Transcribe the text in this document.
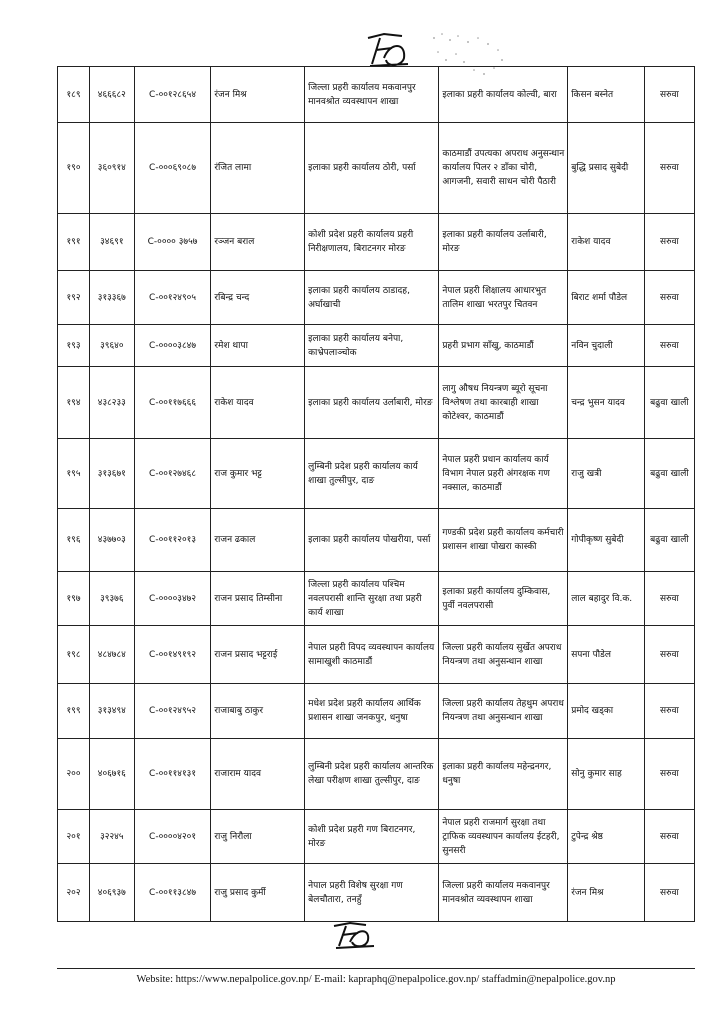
१८९	४६६६८२	C-००१२८६५४	रंजन मिश्र	जिल्ला प्रहरी कार्यालय मकवानपुर मानवश्रोत व्यवस्थापन शाखा	इलाका प्रहरी कार्यालय कोल्वी, बारा	किसन बस्नेत	सरुवा
१९०	३६०९१४	C-०००६९०८७	रंजित लामा	इलाका प्रहरी कार्यालय ठोरी, पर्सा	काठमाडौं उपत्यका अपराध अनुसन्धान कार्यालय पिलर २ डाँका चोरी, आगजनी, सवारी साधन चोरी पैठारी	बुद्धि प्रसाद सुबेदी	सरुवा
१९१	३४६९१	C-०००० ३७५७	रञ्जन बराल	कोशी प्रदेश प्रहरी कार्यालय प्रहरी निरीक्षणालय, बिराटनगर मोरङ	इलाका प्रहरी कार्यालय उर्लाबारी, मोरङ	राकेश यादव	सरुवा
१९२	३१३३६७	C-००१२४९०५	रबिन्द्र चन्द	इलाका प्रहरी कार्यालय ठाडादह, अर्घाखाची	नेपाल प्रहरी शिक्षालय आधारभुत तालिम शाखा भरतपुर चितवन	बिराट शर्मा पौडेल	सरुवा
१९३	३९६४०	C-००००३८४७	रमेश थापा	इलाका प्रहरी कार्यालय बनेपा, काभ्रेपलाञ्चोक	प्रहरी प्रभाग साँखु, काठमाडौं	नविन चुदाली	सरुवा
१९४	४३८२३३	C-००११७६६६	राकेश यादव	इलाका प्रहरी कार्यालय उर्लाबारी, मोरङ	लागु औषध नियन्त्रण ब्यूरो सूचना विश्लेषण तथा कारबाही शाखा कोटेश्वर, काठमाडौं	चन्द्र भुसन यादव	बढुवा खाली
१९५	३१३६७१	C-००१२७४६८	राज कुमार भट्ट	लुम्बिनी प्रदेश प्रहरी कार्यालय कार्य शाखा तुल्सीपुर, दाङ	नेपाल प्रहरी प्रधान कार्यालय कार्य विभाग नेपाल प्रहरी अंगरक्षक गण नक्साल, काठमाडौं	राजु खत्री	बढुवा खाली
१९६	४३७७०३	C-००११२०१३	राजन ढकाल	इलाका प्रहरी कार्यालय पोखरीया, पर्सा	गण्डकी प्रदेश प्रहरी कार्यालय कर्मचारी प्रशासन शाखा पोखरा कास्की	गोपीकृष्ण सुबेदी	बढुवा खाली
१९७	३९३७६	C-००००३४७२	राजन प्रसाद तिम्सीना	जिल्ला प्रहरी कार्यालय पश्चिम नवलपरासी शान्ति सुरक्षा तथा प्रहरी कार्य शाखा	इलाका प्रहरी कार्यालय दुम्किवास, पुर्वी नवलपरासी	लाल बहादुर वि.क.	सरुवा
१९८	४८४७८४	C-००१४९१९२	राजन प्रसाद भट्टराई	नेपाल प्रहरी विपद व्यवस्थापन कार्यालय सामाखुशी काठमाडौं	जिल्ला प्रहरी कार्यालय सुर्खेत अपराध नियन्त्रण तथा अनुसन्धान शाखा	सपना पौडेल	सरुवा
१९९	३१३४९४	C-००१२४९५२	राजाबाबु ठाकुर	मधेश प्रदेश प्रहरी कार्यालय आर्थिक प्रशासन शाखा जनकपुर, धनुषा	जिल्ला प्रहरी कार्यालय तेहथुम अपराध नियन्त्रण तथा अनुसन्धान शाखा	प्रमोद खड्का	सरुवा
२००	४०६७१६	C-००११४१३१	राजाराम यादव	लुम्बिनी प्रदेश प्रहरी कार्यालय आन्तरिक लेखा परीक्षण शाखा तुल्सीपुर, दाङ	इलाका प्रहरी कार्यालय महेन्द्रनगर, धनुषा	सोनु कुमार साह	सरुवा
२०१	३२२४५	C-००००४२०१	राजु निरौला	कोशी प्रदेश प्रहरी गण बिराटनगर, मोरङ	नेपाल प्रहरी राजमार्ग सुरक्षा तथा ट्राफिक व्यवस्थापन कार्यालय ईटहरी, सुनसरी	टुपेन्द्र श्रेष्ठ	सरुवा
२०२	४०६९३७	C-००११३८४७	राजु प्रसाद कुर्मी	नेपाल प्रहरी विशेष सुरक्षा गण बेलचौतारा, तनहुँ	जिल्ला प्रहरी कार्यालय मकवानपुर मानवश्रोत व्यवस्थापन शाखा	रंजन मिश्र	सरुवा
Website: https://www.nepalpolice.gov.np/ E-mail: kapraphq@nepalpolice.gov.np/ staffadmin@nepalpolice.gov.np
